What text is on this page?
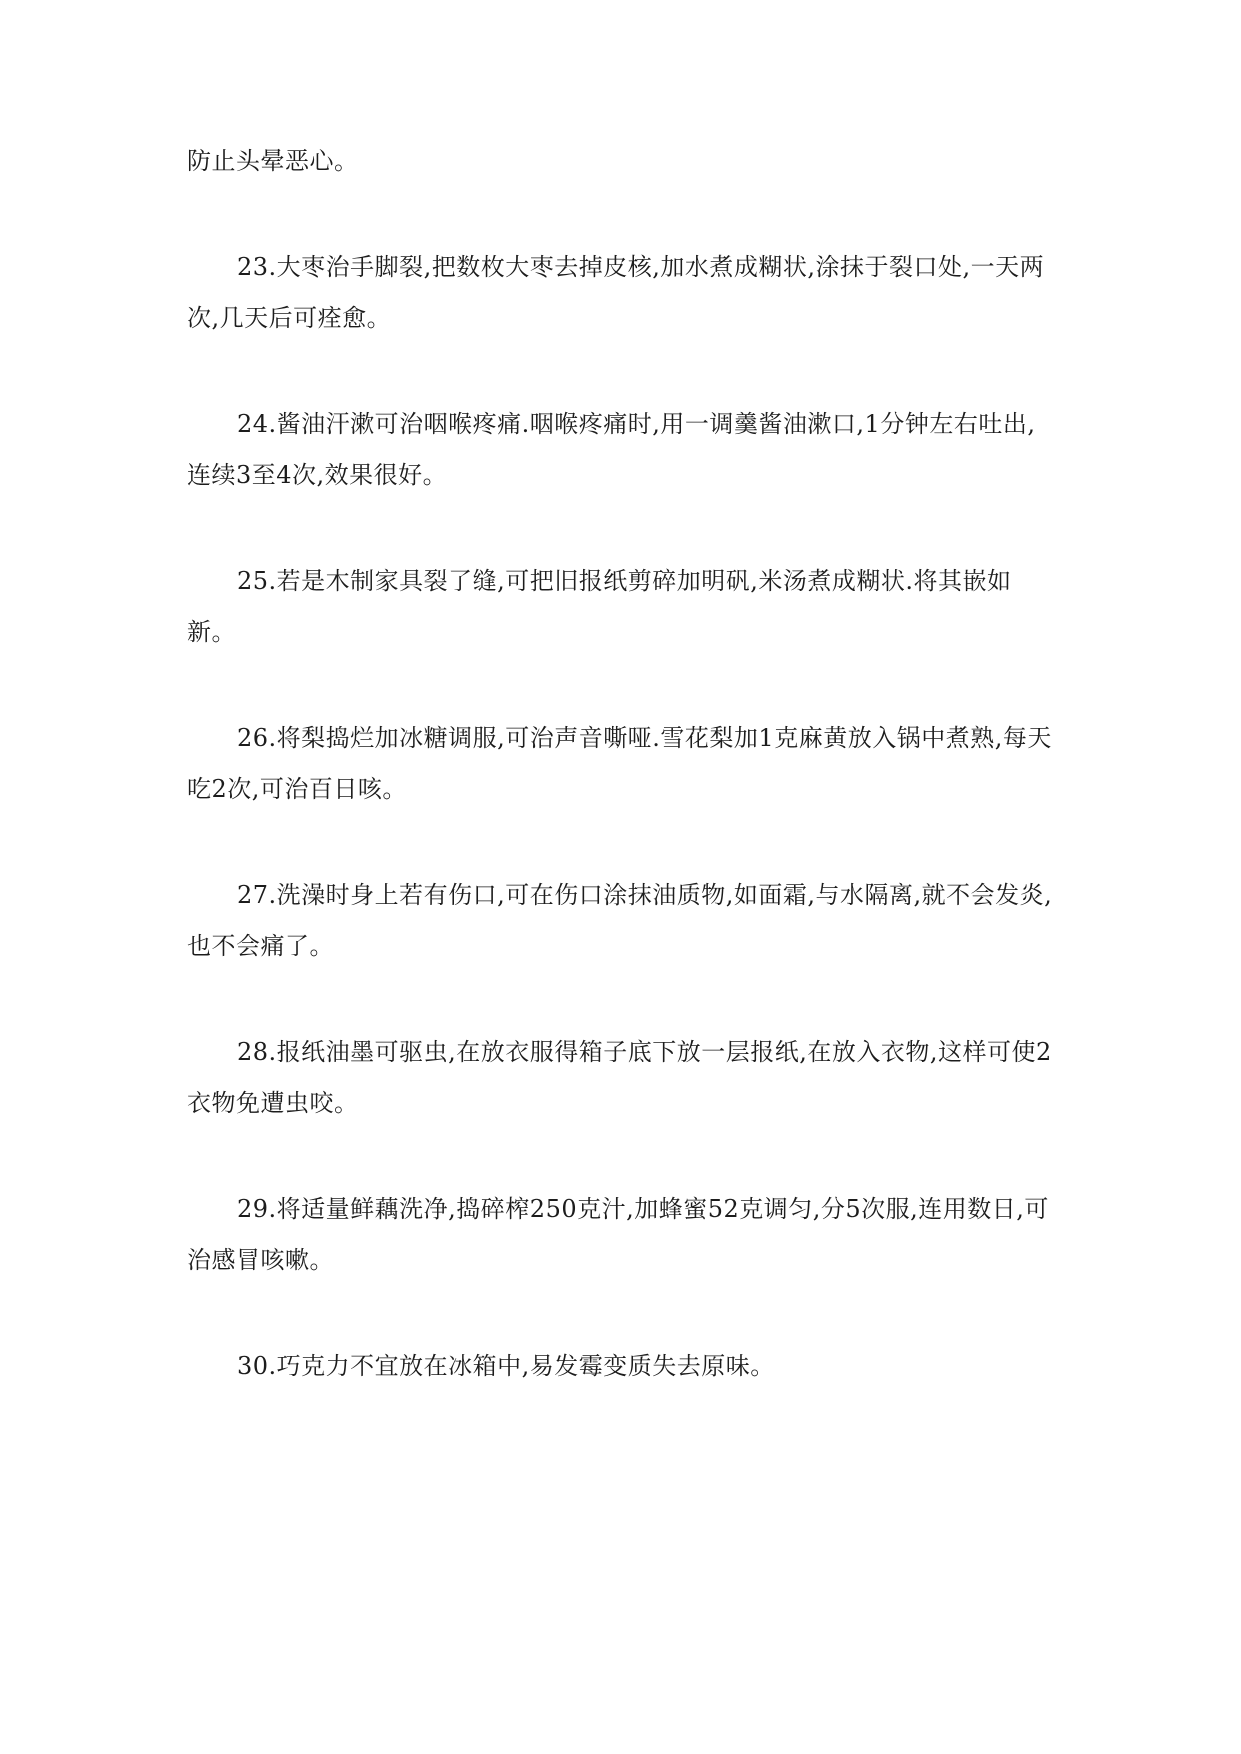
防止头晕恶心。

23.大枣治手脚裂,把数枚大枣去掉皮核,加水煮成糊状,涂抹于裂口处,一天两次,几天后可痊愈。

24.酱油汗漱可治咽喉疼痛.咽喉疼痛时,用一调羹酱油漱口,1分钟左右吐出,连续3至4次,效果很好。

25.若是木制家具裂了缝,可把旧报纸剪碎加明矾,米汤煮成糊状.将其嵌如新。

26.将梨捣烂加冰糖调服,可治声音嘶哑.雪花梨加1克麻黄放入锅中煮熟,每天吃2次,可治百日咳。

27.洗澡时身上若有伤口,可在伤口涂抹油质物,如面霜,与水隔离,就不会发炎,也不会痛了。

28.报纸油墨可驱虫,在放衣服得箱子底下放一层报纸,在放入衣物,这样可使2衣物免遭虫咬。

29.将适量鲜藕洗净,捣碎榨250克汁,加蜂蜜52克调匀,分5次服,连用数日,可治感冒咳嗽。

30.巧克力不宜放在冰箱中,易发霉变质失去原味。
